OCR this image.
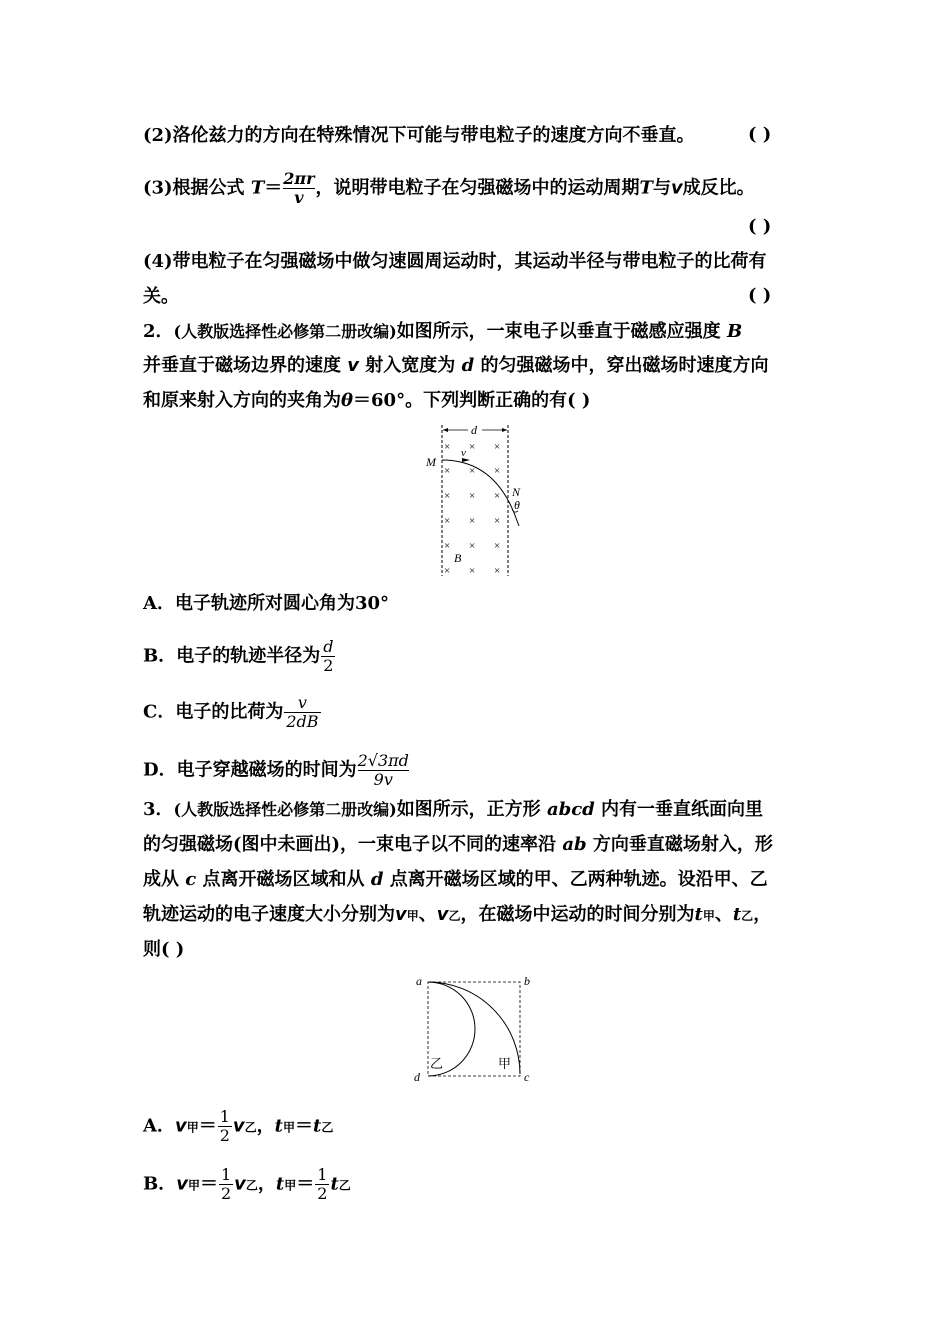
(2)洛伦兹力的方向在特殊情况下可能与带电粒子的速度方向不垂直。	( )
(3)根据公式 $T= \frac{2\pi r}{v}$ ，说明带电粒子在匀强磁场中的运动周期T与v成反比。
( )
(4)带电粒子在匀强磁场中做匀速圆周运动时，其运动半径与带电粒子的比荷有
关。	( )
2．(人教版选择性必修第二册改编)如图所示，一束电子以垂直于磁感应强度 B
并垂直于磁场边界的速度 v 射入宽度为 d 的匀强磁场中，穿出磁场时速度方向
和原来射入方向的夹角为θ＝60°。下列判断正确的有( )
d
× × ×
× × ×
× × ×
× × ×
× × ×
× × ×
v
M
N
θ
B
A．电子轨迹所对圆心角为30°
B．电子的轨迹半径为 $\frac{d}{2}$
C．电子的比荷为 $\frac{v}{2dB}$
D．电子穿越磁场的时间为 $\frac{2√3\pi d}{9v}$
3．(人教版选择性必修第二册改编)如图所示，正方形 abcd 内有一垂直纸面向里
的匀强磁场(图中未画出)，一束电子以不同的速率沿 ab 方向垂直磁场射入，形
成从 c 点离开磁场区域和从 d 点离开磁场区域的甲、乙两种轨迹。设沿甲、乙
轨迹运动的电子速度大小分别为v甲、v乙，在磁场中运动的时间分别为t甲、t乙，
则( )
a	b
c
d
甲
乙
A．v甲＝ $\frac{1}{2}$ v乙，t甲＝t乙
B．v甲＝ $\frac{1}{2}$ v乙，t甲＝ $\frac{1}{2}$ t乙
